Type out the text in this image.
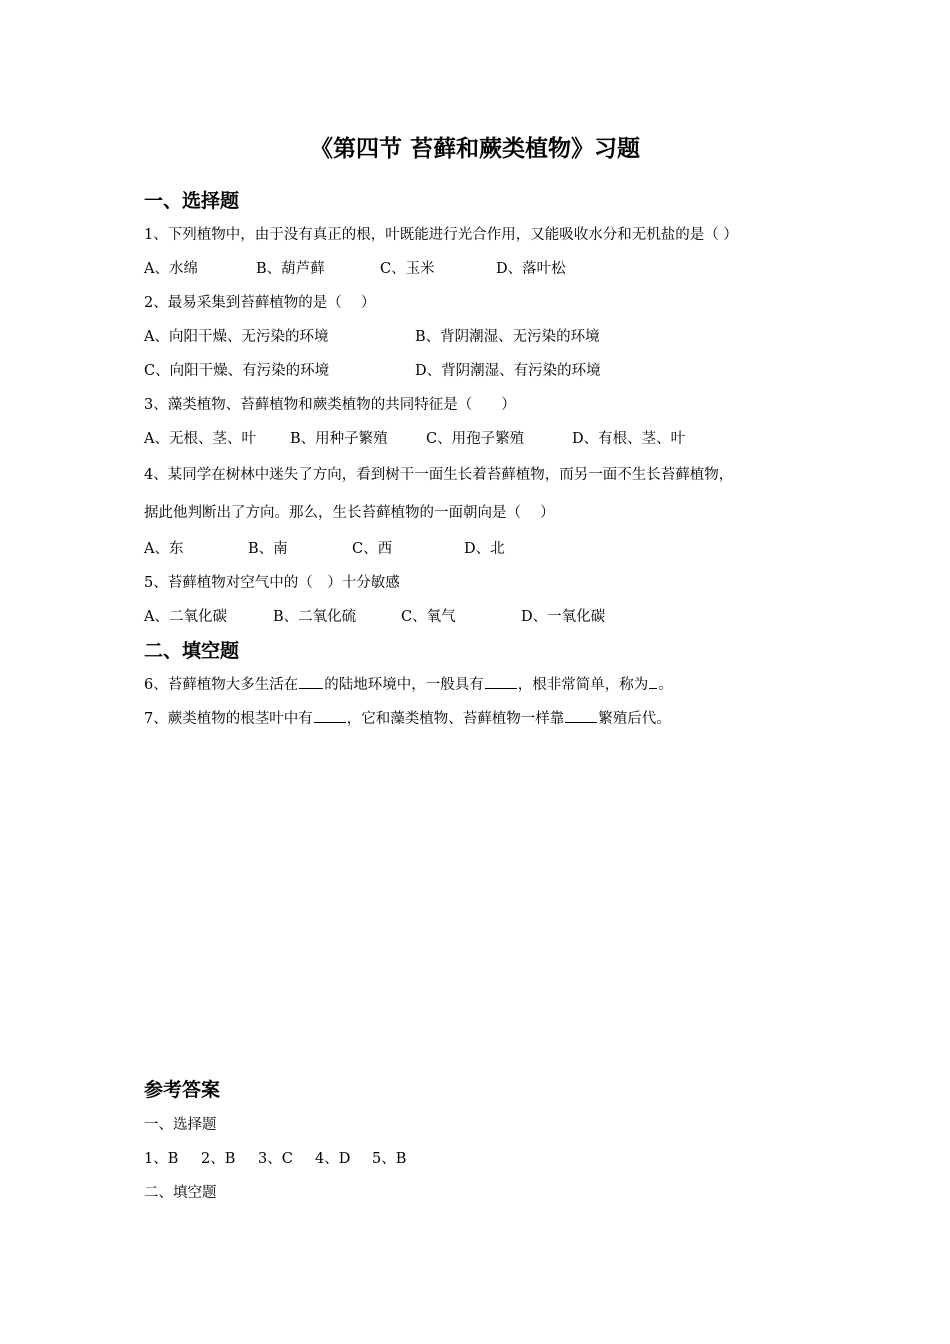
《第四节 苔藓和蕨类植物》习题
一、选择题
1、下列植物中，由于没有真正的根，叶既能进行光合作用，又能吸收水分和无机盐的是（ ）
A、水绵	B、葫芦藓	C、玉米	D、落叶松
2、最易采集到苔藓植物的是（　 ）
A、向阳干燥、无污染的环境	B、背阴潮湿、无污染的环境
C、向阳干燥、有污染的环境	D、背阴潮湿、有污染的环境
3、藻类植物、苔藓植物和蕨类植物的共同特征是（　　）
A、无根、茎、叶 B、用种子繁殖	C、用孢子繁殖	D、有根、茎、叶
4、某同学在树林中迷失了方向，看到树干一面生长着苔藓植物，而另一面不生长苔藓植物，
据此他判断出了方向。那么，生长苔藓植物的一面朝向是（　 ）
A、东	B、南	C、西	D、北
5、苔藓植物对空气中的（　）十分敏感
A、二氧化碳	B、二氧化硫	C、氧气	D、一氧化碳
二、填空题
6、苔藓植物大多生活在 的陆地环境中，一般具有 ，根非常简单，称为 。
7、蕨类植物的根茎叶中有 ，它和藻类植物、苔藓植物一样靠 繁殖后代。
参考答案
一、选择题
1、B 2、B 3、C 4、D 5、B
二、填空题
